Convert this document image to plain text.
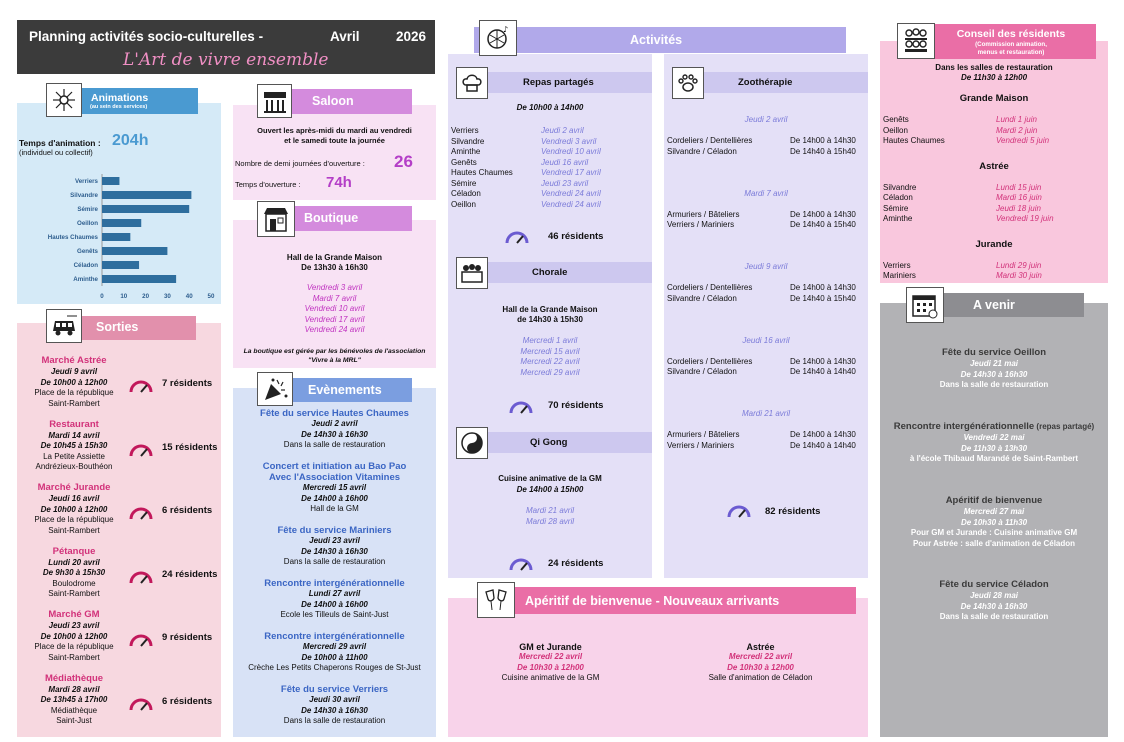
Planning activités socio-culturelles -	Avril	2026
L'Art de vivre ensemble
Animations
(au sein des services)
Temps d'animation : 204h
(individuel ou collectif)
Verriers
Silvandre
Sémire
Oeillon
Hautes Chaumes
Genêts
Céladon
Aminthe
0	10 20 30 40 50
Sorties
Marché Astrée
Jeudi 9 avril
De 10h00 à 12h00
Place de la république
Saint-Rambert
7 résidents
Restaurant
Mardi 14 avril
De 10h45 à 15h30
La Petite Assiette
Andrézieux-Bouthéon
15 résidents
Marché Jurande
Jeudi 16 avril
De 10h00 à 12h00
Place de la république
Saint-Rambert
6 résidents
Pétanque
Lundi 20 avril
De 9h30 à 15h30
Boulodrome
Saint-Rambert
24 résidents
Marché GM
Jeudi 23 avril
De 10h00 à 12h00
Place de la république
Saint-Rambert
9 résidents
Médiathèque
Mardi 28 avril
De 13h45 à 17h00
Médiathèque
Saint-Just
6 résidents
Saloon
Ouvert les après-midi du mardi au vendredi
et le samedi toute la journée
Nombre de demi journées d'ouverture : 26
Temps d'ouverture : 74h
Boutique
Hall de la Grande Maison
De 13h30 à 16h30
Vendredi 3 avril
Mardi 7 avril
Vendredi 10 avril
Vendredi 17 avril
Vendredi 24 avril
La boutique est gérée par les bénévoles de l'association
"Vivre à la MRL"
Evènements
Fête du service Hautes Chaumes
Jeudi 2 avril
De 14h30 à 16h30
Dans la salle de restauration
Concert et initiation au Bao Pao
Avec l'Association Vitamines
Mercredi 15 avril
De 14h00 à 16h00
Hall de la GM
Fête du service Mariniers
Jeudi 23 avril
De 14h30 à 16h30
Dans la salle de restauration
Rencontre intergénérationnelle
Lundi 27 avril
De 14h00 à 16h00
Ecole les Tilleuls de Saint-Just
Rencontre intergénérationnelle
Mercredi 29 avril
De 10h00 à 11h00
Crèche Les Petits Chaperons Rouges de St-Just
Fête du service Verriers
Jeudi 30 avril
De 14h30 à 16h30
Dans la salle de restauration
Activités
♪
Repas partagés
De 10h00 à 14h00
Verriers	Jeudi 2 avril
Silvandre	Vendredi 3 avril
Aminthe	Vendredi 10 avril
Genêts	Jeudi 16 avril
Hautes Chaumes	Vendredi 17 avril
Sémire	Jeudi 23 avril
Céladon	Vendredi 24 avril
Oeillon	Vendredi 24 avril
46 résidents
Chorale
Hall de la Grande Maison
de 14h30 à 15h30
Mercredi 1 avril
Mercredi 15 avril
Mercredi 22 avril
Mercredi 29 avril
70 résidents
Qi Gong
Cuisine animative de la GM
De 14h00 à 15h00
Mardi 21 avril
Mardi 28 avril
24 résidents
Zoothérapie
Jeudi 2 avril
Cordeliers / Dentellières	De 14h00 à 14h30
Silvandre / Céladon	De 14h40 à 15h40
Mardi 7 avril
Armuriers / Bâteliers	De 14h00 à 14h30
Verriers / Mariniers	De 14h40 à 15h40
Jeudi 9 avril
Cordeliers / Dentellières	De 14h00 à 14h30
Silvandre / Céladon	De 14h40 à 15h40
Jeudi 16 avril
Cordeliers / Dentellières	De 14h00 à 14h30
Silvandre / Céladon	De 14h40 à 14h40
Mardi 21 avril
Armuriers / Bâteliers	De 14h00 à 14h30
Verriers / Mariniers	De 14h40 à 14h40
82 résidents
Apéritif de bienvenue - Nouveaux arrivants
GM et Jurande
Mercredi 22 avril
De 10h30 à 12h00
Cuisine animative de la GM
Astrée
Mercredi 22 avril
De 10h30 à 12h00
Salle d'animation de Céladon
Conseil des résidents
(Commission animation,
menus et restauration)
Dans les salles de restauration
De 11h30 à 12h00
Grande Maison
Genêts	Lundi 1 juin
Oeillon	Mardi 2 juin
Hautes Chaumes	Vendredi 5 juin
Astrée
Silvandre	Lundi 15 juin
Céladon	Mardi 16 juin
Sémire	Jeudi 18 juin
Aminthe	Vendredi 19 juin
Jurande
Verriers	Lundi 29 juin
Mariniers	Mardi 30 juin
A venir
Fête du service Oeillon
Jeudi 21 mai
De 14h30 à 16h30
Dans la salle de restauration
Rencontre intergénérationnelle (repas partagé)
Vendredi 22 mai
De 11h30 à 13h30
à l'école Thibaud Marandé de Saint-Rambert
Apéritif de bienvenue
Mercredi 27 mai
De 10h30 à 11h30
Pour GM et Jurande : Cuisine animative GM
Pour Astrée : salle d'animation de Céladon
Fête du service Céladon
Jeudi 28 mai
De 14h30 à 16h30
Dans la salle de restauration
